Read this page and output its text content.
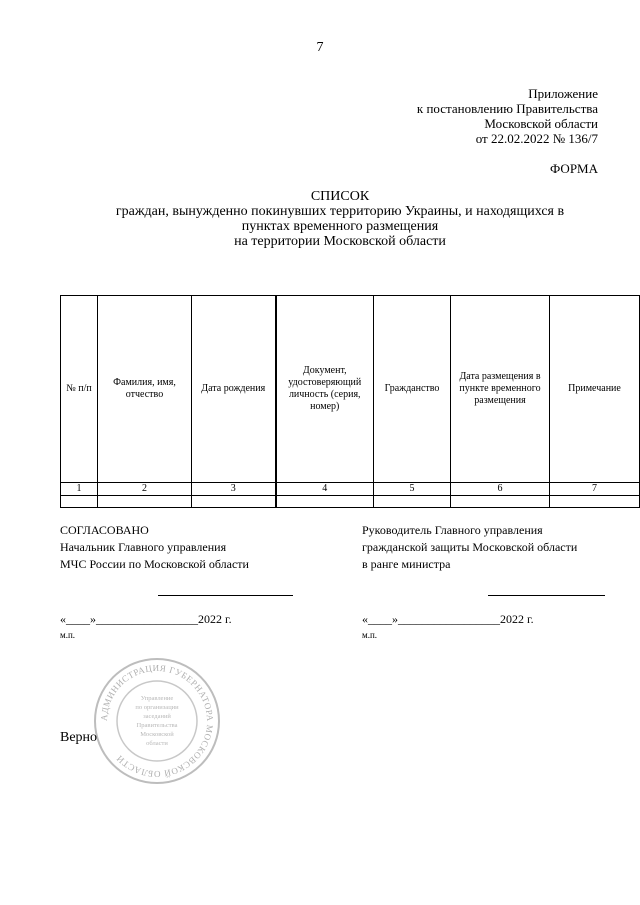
7
Приложение
к постановлению Правительства
Московской области
от 22.02.2022 № 136/7
ФОРМА
СПИСОК
граждан, вынужденно покинувших территорию Украины, и находящихся в
пунктах временного размещения
на территории Московской области
№ п/п	Фамилия, имя, отчество	Дата рождения	Документ, удостоверяющий личность (серия, номер)	Гражданство	Дата размещения в пункте временного размещения	Примечание
1	2	3	4	5	6	7

СОГЛАСОВАНО
Начальник Главного управления
МЧС России по Московской области
«____»_________________2022 г.
м.п.
Руководитель Главного управления
гражданской защиты Московской области
в ранге министра
«____»_________________2022 г.
м.п.
АДМИНИСТРАЦИЯ ГУБЕРНАТОРА МОСКОВСКОЙ ОБЛАСТИ
Управление
по организации
заседаний
Правительства
Московской
области
Верно
